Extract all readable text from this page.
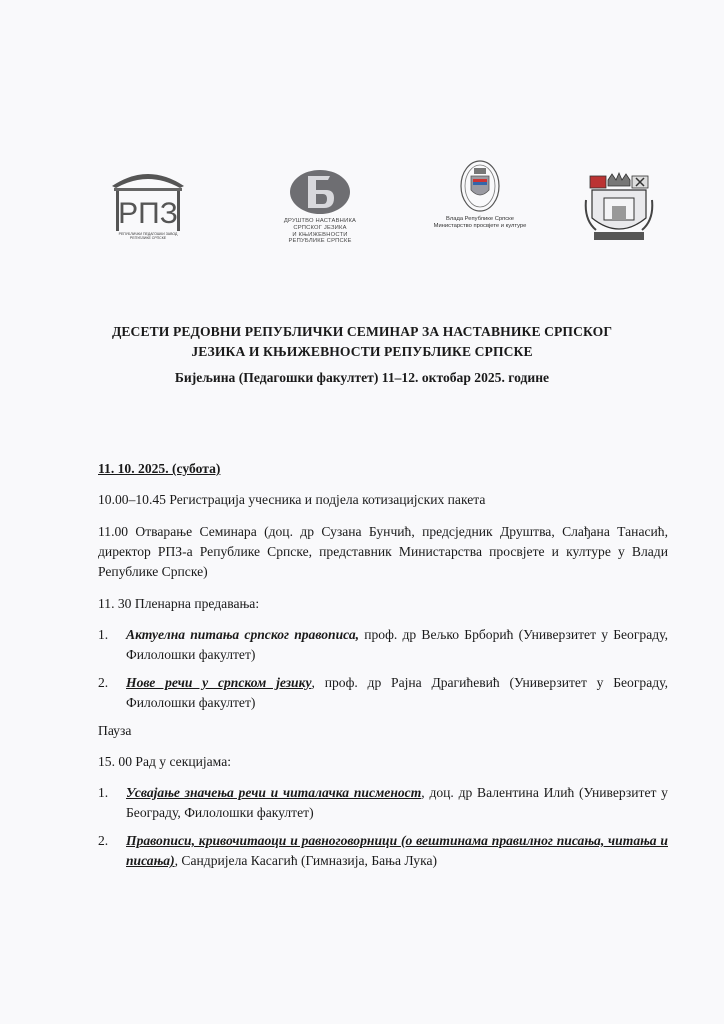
РПЗ
РЕПУБЛИЧКИ ПЕДАГОШКИ ЗАВОД РЕПУБЛИКЕ СРПСКЕ
ДРУШТВО НАСТАВНИКА
СРПСКОГ ЈЕЗИКА
И КЊИЖЕВНОСТИ
РЕПУБЛИКЕ СРПСКЕ
Влада Републике Српске
Министарство просвјете и културе
ДЕСЕТИ РЕДОВНИ РЕПУБЛИЧКИ СЕМИНАР ЗА НАСТАВНИКЕ СРПСКОГ
ЈЕЗИКА И КЊИЖЕВНОСТИ РЕПУБЛИКЕ СРПСКЕ
Бијељина (Педагошки факултет) 11–12. октобар 2025. године
11. 10. 2025. (субота)
10.00–10.45 Регистрација учесника и подјела котизацијских пакета
11.00 Отварање Семинара (доц. др Сузана Бунчић, предсједник Друштва, Слађана Танасић, директор РПЗ-а Републике Српске, представник Министарства просвјете и културе у Влади Републике Српске)
11. 30 Пленарна предавања:
1.	Актуелна питања српског правописа, проф. др Вељко Брборић (Универзитет у Београду, Филолошки факултет)
2.	Нове речи у српском језику, проф. др Рајна Драгићевић (Универзитет у Београду, Филолошки факултет)
Пауза
15. 00 Рад у секцијама:
1.	Усвајање значења речи и читалачка писменост, доц. др Валентина Илић (Универзитет у Београду, Филолошки факултет)
2.	Правописи, кривочитаоци и равноговорници (о вештинама правилног писања, читања и писања), Сандријела Касагић (Гимназија, Бања Лука)
